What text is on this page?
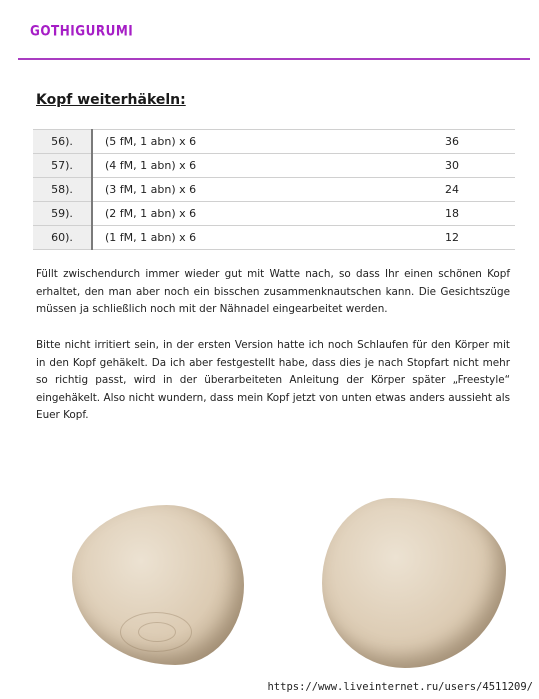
GOTHIGURUMI
Kopf weiterhäkeln:
56).	(5 fM, 1 abn) x 6	36
57).	(4 fM, 1 abn) x 6	30
58).	(3 fM, 1 abn) x 6	24
59).	(2 fM, 1 abn) x 6	18
60).	(1 fM, 1 abn) x 6	12
Füllt zwischendurch immer wieder gut mit Watte nach, so dass Ihr einen schönen Kopf erhaltet, den man aber noch ein bisschen zusammenknautschen kann. Die Gesichtszüge müssen ja schließlich noch mit der Nähnadel eingearbeitet werden.
Bitte nicht irritiert sein, in der ersten Version hatte ich noch Schlaufen für den Körper mit in den Kopf gehäkelt. Da ich aber festgestellt habe, dass dies je nach Stopfart nicht mehr so richtig passt, wird in der überarbeiteten Anleitung der Körper später „Freestyle“ eingehäkelt. Also nicht wundern, dass mein Kopf jetzt von unten etwas anders aussieht als Euer Kopf.
https://www.liveinternet.ru/users/4511209/
